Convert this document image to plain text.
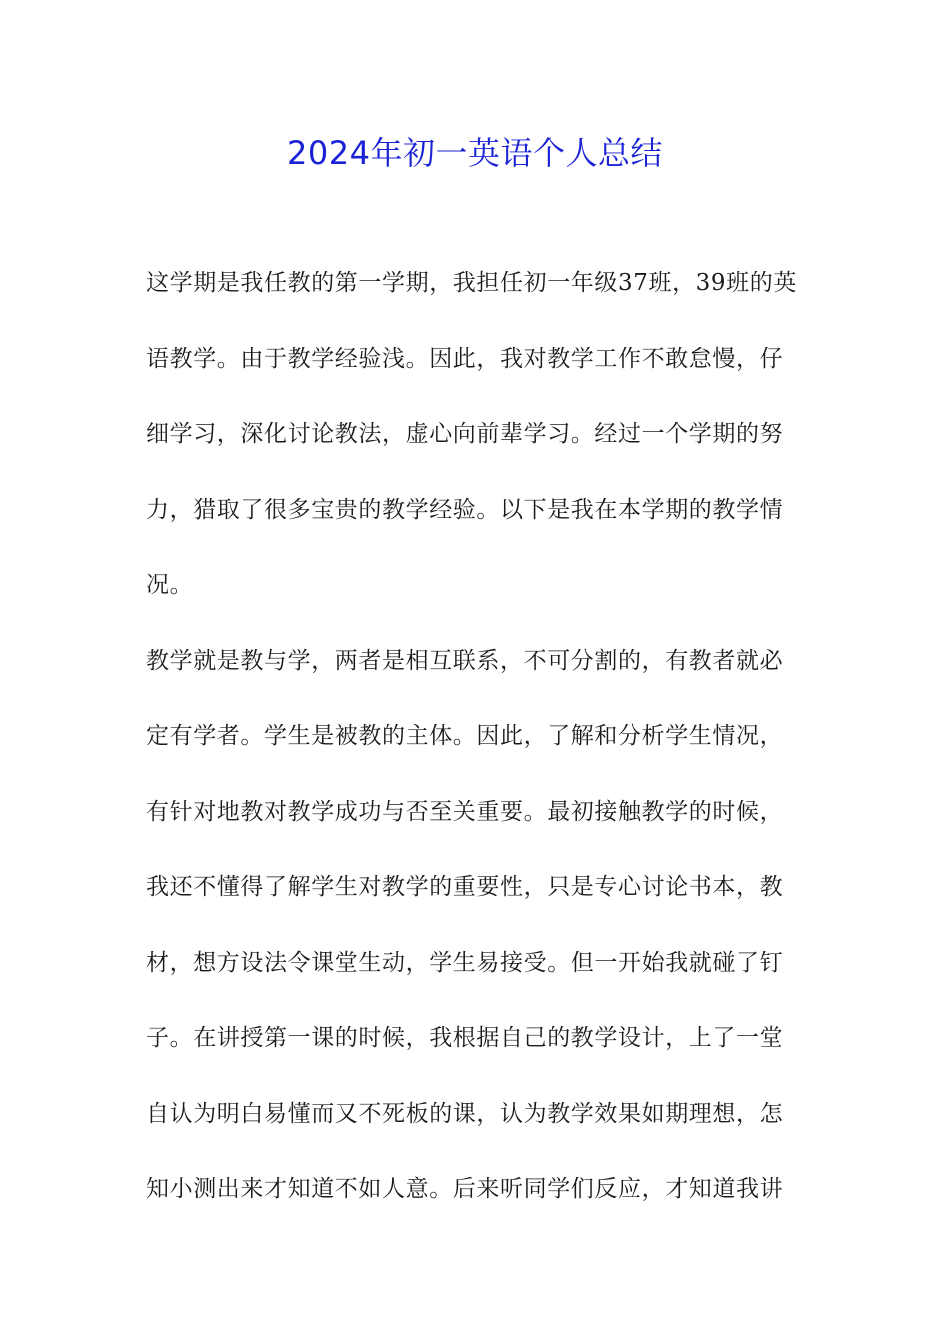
2024年初一英语个人总结
这学期是我任教的第一学期，我担任初一年级37班，39班的英
语教学。由于教学经验浅。因此，我对教学工作不敢怠慢，仔
细学习，深化讨论教法，虚心向前辈学习。经过一个学期的努
力，猎取了很多宝贵的教学经验。以下是我在本学期的教学情
况。
教学就是教与学，两者是相互联系，不可分割的，有教者就必
定有学者。学生是被教的主体。因此，了解和分析学生情况，
有针对地教对教学成功与否至关重要。最初接触教学的时候，
我还不懂得了解学生对教学的重要性，只是专心讨论书本，教
材，想方设法令课堂生动，学生易接受。但一开始我就碰了钉
子。在讲授第一课的时候，我根据自己的教学设计，上了一堂
自认为明白易懂而又不死板的课，认为教学效果如期理想，怎
知小测出来才知道不如人意。后来听同学们反应，才知道我讲
